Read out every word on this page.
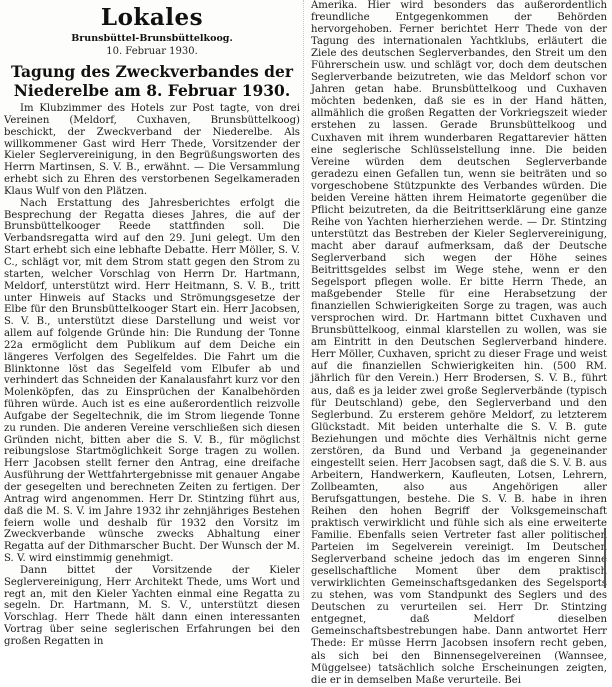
Lokales
Brunsbüttel-Brunsbüttelkoog.
10. Februar 1930.
Tagung des Zweckverbandes der Niederelbe am 8. Februar 1930.

Im Klubzimmer des Hotels zur Post tagte, von drei Vereinen (Meldorf, Cuxhaven, Brunsbüttelkoog) beschickt, der Zweckverband der Niederelbe. Als willkommener Gast wird Herr Thede, Vorsitzender der Kieler Seglervereinigung, in den Begrüßungsworten des Herrn Martinsen, S. V. B., erwähnt. — Die Versammlung erhebt sich zu Ehren des verstorbenen Segelkameraden Klaus Wulf von den Plätzen.

Nach Erstattung des Jahresberichtes erfolgt die Besprechung der Regatta dieses Jahres, die auf der Brunsbüttelkooger Reede stattfinden soll. Die Verbandsregatta wird auf den 29. Juni gelegt. Um den Start erhebt sich eine lebhafte Debatte. Herr Möller, S. V. C., schlägt vor, mit dem Strom statt gegen den Strom zu starten, welcher Vorschlag von Herrn Dr. Hartmann, Meldorf, unterstützt wird. Herr Heitmann, S. V. B., tritt unter Hinweis auf Stacks und Strömungsgesetze der Elbe für den Brunsbüttelkooger Start ein. Herr Jacobsen, S. V. B., unterstützt diese Darstellung und weist vor allem auf folgende Gründe hin: Die Rundung der Tonne 22a ermöglicht dem Publikum auf dem Deiche ein längeres Verfolgen des Segelfeldes. Die Fahrt um die Blinktonne löst das Segelfeld vom Elbufer ab und verhindert das Schneiden der Kanalausfahrt kurz vor den Molenköpfen, das zu Einsprüchen der Kanalbehörden führen würde. Auch ist es eine außerordentlich reizvolle Aufgabe der Segeltechnik, die im Strom liegende Tonne zu runden. Die anderen Vereine verschließen sich diesen Gründen nicht, bitten aber die S. V. B., für möglichst reibungslose Startmöglichkeit Sorge tragen zu wollen. Herr Jacobsen stellt ferner den Antrag, eine dreifache Ausführung der Wettfahrtergebnisse mit genauer Angabe der gesegelten und berechneten Zeiten zu fertigen. Der Antrag wird angenommen. Herr Dr. Stintzing führt aus, daß die M. S. V. im Jahre 1932 ihr zehnjähriges Bestehen feiern wolle und deshalb für 1932 den Vorsitz im Zweckverbande wünsche zwecks Abhaltung einer Regatta auf der Dithmarscher Bucht. Der Wunsch der M. S. V. wird einstimmig genehmigt.

Dann bittet der Vorsitzende der Kieler Seglervereinigung, Herr Architekt Thede, ums Wort und regt an, mit den Kieler Yachten einmal eine Regatta zu segeln. Dr. Hartmann, M. S. V., unterstützt diesen Vorschlag. Herr Thede hält dann einen interessanten Vortrag über seine seglerischen Erfahrungen bei den großen Regatten in

Amerika. Hier wird besonders das außerordentlich freundliche Entgegenkommen der Behörden hervorgehoben. Ferner berichtet Herr Thede von der Tagung des internationalen Yachtklubs, erläutert die Ziele des deutschen Seglerverbandes, den Streit um den Führerschein usw. und schlägt vor, doch dem deutschen Seglerverbande beizutreten, wie das Meldorf schon vor Jahren getan habe. Brunsbüttelkoog und Cuxhaven möchten bedenken, daß sie es in der Hand hätten, allmählich die großen Regatten der Vorkriegszeit wieder erstehen zu lassen. Gerade Brunsbüttelkoog und Cuxhaven mit ihrem wunderbaren Regattarevier hätten eine seglerische Schlüsselstellung inne. Die beiden Vereine würden dem deutschen Seglerverbande geradezu einen Gefallen tun, wenn sie beiträten und so vorgeschobene Stützpunkte des Verbandes würden. Die beiden Vereine hätten ihrem Heimatorte gegenüber die Pflicht beizutreten, da die Beitrittserklärung eine ganze Reihe von Yachten hierherziehen werde. — Dr. Stintzing unterstützt das Bestreben der Kieler Seglervereinigung, macht aber darauf aufmerksam, daß der Deutsche Seglerverband sich wegen der Höhe seines Beitrittsgeldes selbst im Wege stehe, wenn er den Segelsport pflegen wolle. Er bitte Herrn Thede, an maßgebender Stelle für eine Herabsetzung der finanziellen Schwierigkeiten Sorge zu tragen, was auch versprochen wird. Dr. Hartmann bittet Cuxhaven und Brunsbüttelkoog, einmal klarstellen zu wollen, was sie am Eintritt in den Deutschen Seglerverband hindere. Herr Möller, Cuxhaven, spricht zu dieser Frage und weist auf die finanziellen Schwierigkeiten hin. (500 RM. jährlich für den Verein.) Herr Brodersen, S. V. B., führt aus, daß es ja leider zwei große Seglerverbände (typisch für Deutschland) gebe, den Seglerverband und den Seglerbund. Zu ersterem gehöre Meldorf, zu letzterem Glückstadt. Mit beiden unterhalte die S. V. B. gute Beziehungen und möchte dies Verhältnis nicht gerne zerstören, da Bund und Verband ja gegeneinander eingestellt seien. Herr Jacobsen sagt, daß die S. V. B. aus Arbeitern, Handwerkern, Kaufleuten, Lotsen, Lehrern, Zollbeamten, also aus Angehörigen aller Berufsgattungen, bestehe. Die S. V. B. habe in ihren Reihen den hohen Begriff der Volksgemeinschaft praktisch verwirklicht und fühle sich als eine erweiterte Familie. Ebenfalls seien Vertreter fast aller politischen Parteien im Segelverein vereinigt. Im Deutschen Seglerverband scheine jedoch das im engeren Sinne gesellschaftliche Moment über dem praktisch verwirklichten Gemeinschaftsgedanken des Segelsports zu stehen, was vom Standpunkt des Seglers und des Deutschen zu verurteilen sei. Herr Dr. Stintzing entgegnet, daß Meldorf dieselben Gemeinschaftsbestrebungen habe. Dann antwortet Herr Thede: Er müsse Herrn Jacobsen insofern recht geben, als sich bei den Binnensegelvereinen (Wannsee, Müggelsee) tatsächlich solche Erscheinungen zeigten, die er in demselben Maße verurteile. Bei
